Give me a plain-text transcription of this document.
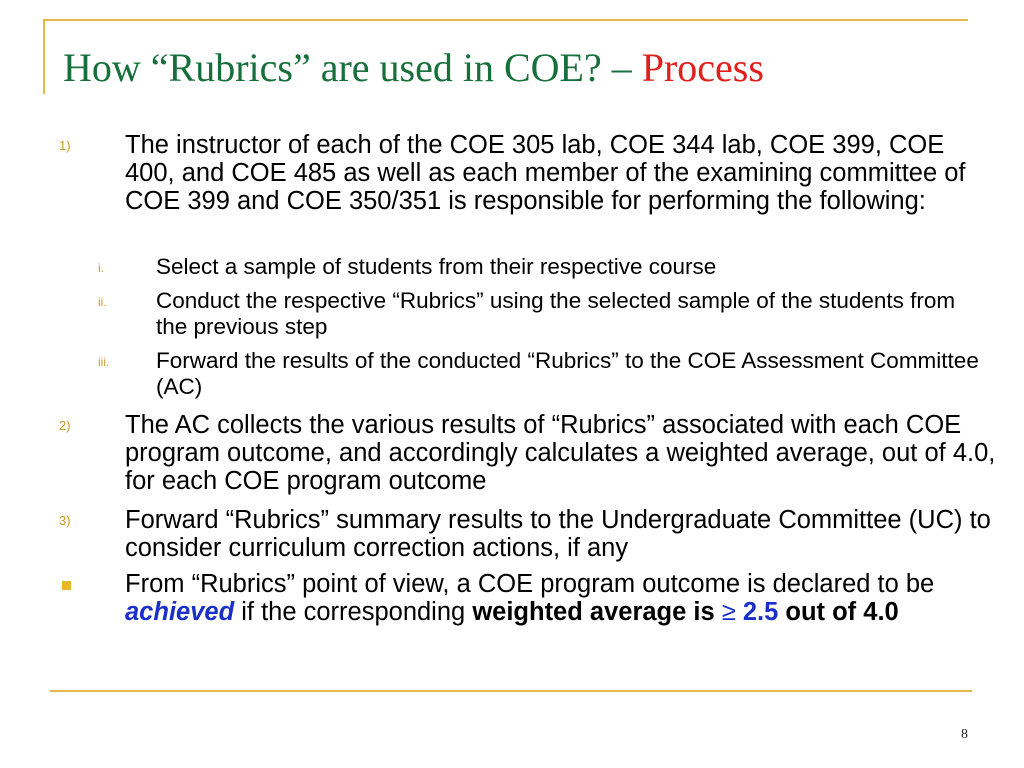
How “Rubrics” are used in COE? – Process
1) The instructor of each of the COE 305 lab, COE 344 lab, COE 399, COE 400, and COE 485 as well as each member of the examining committee of COE 399 and COE 350/351 is responsible for performing the following:
i. Select a sample of students from their respective course
ii. Conduct the respective “Rubrics” using the selected sample of the students from the previous step
iii. Forward the results of the conducted “Rubrics” to the COE Assessment Committee (AC)
2) The AC collects the various results of “Rubrics” associated with each COE program outcome, and accordingly calculates a weighted average, out of 4.0, for each COE program outcome
3) Forward “Rubrics” summary results to the Undergraduate Committee (UC) to consider curriculum correction actions, if any
From “Rubrics” point of view, a COE program outcome is declared to be achieved if the corresponding weighted average is ≥ 2.5 out of 4.0
8
